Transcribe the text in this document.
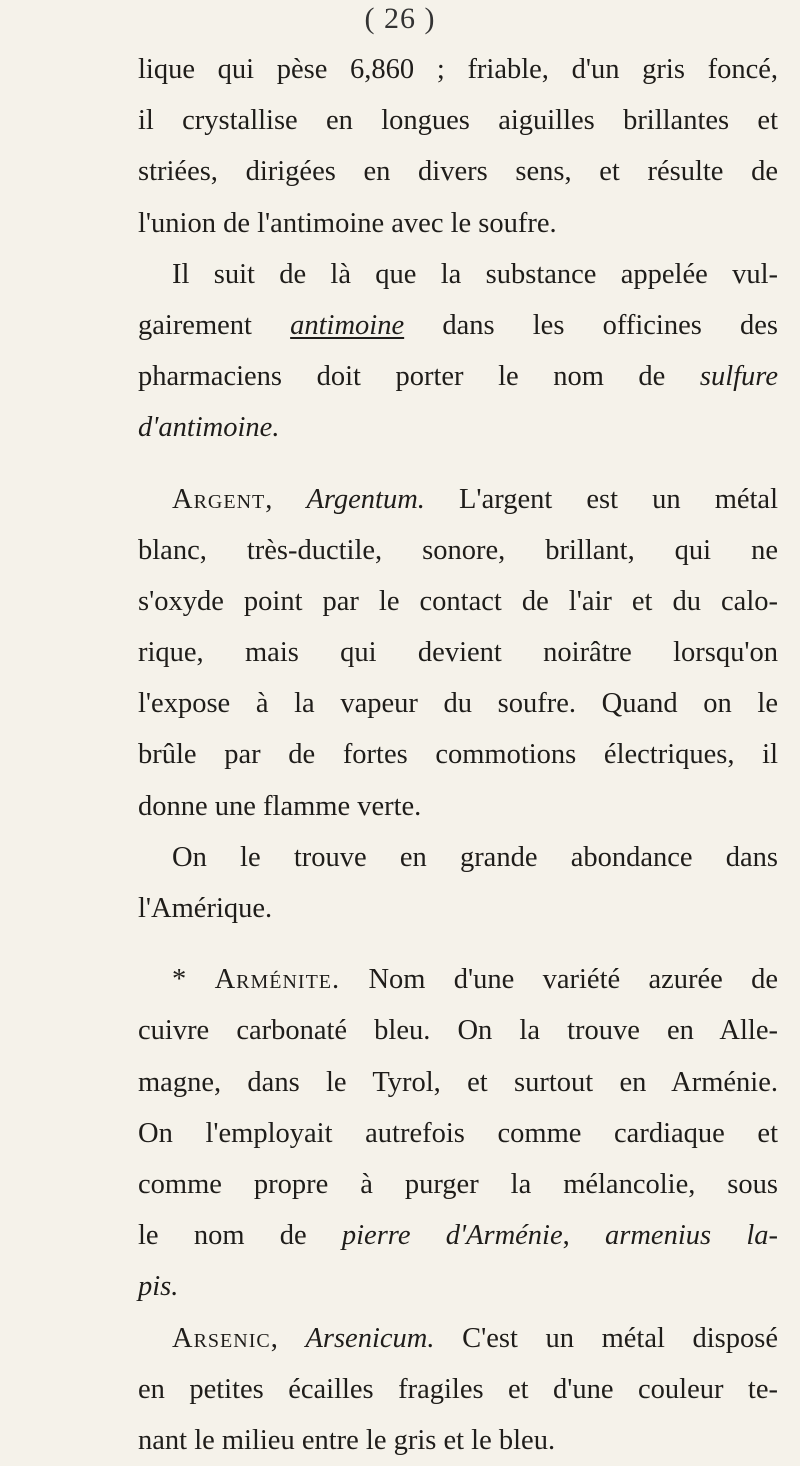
( 26 )
lique qui pèse 6,860 ; friable, d'un gris foncé,
il crystallise en longues aiguilles brillantes et
striées, dirigées en divers sens, et résulte de
l'union de l'antimoine avec le soufre.
Il suit de là que la substance appelée vul-
gairement antimoine dans les officines des
pharmaciens doit porter le nom de sulfure
d'antimoine.
Argent, Argentum. L'argent est un métal
blanc, très-ductile, sonore, brillant, qui ne
s'oxyde point par le contact de l'air et du calo-
rique, mais qui devient noirâtre lorsqu'on
l'expose à la vapeur du soufre. Quand on le
brûle par de fortes commotions électriques, il
donne une flamme verte.
On le trouve en grande abondance dans
l'Amérique.
* Arménite. Nom d'une variété azurée de
cuivre carbonaté bleu. On la trouve en Alle-
magne, dans le Tyrol, et surtout en Arménie.
On l'employait autrefois comme cardiaque et
comme propre à purger la mélancolie, sous
le nom de pierre d'Arménie, armenius la-
pis.
Arsenic, Arsenicum. C'est un métal disposé
en petites écailles fragiles et d'une couleur te-
nant le milieu entre le gris et le bleu.
